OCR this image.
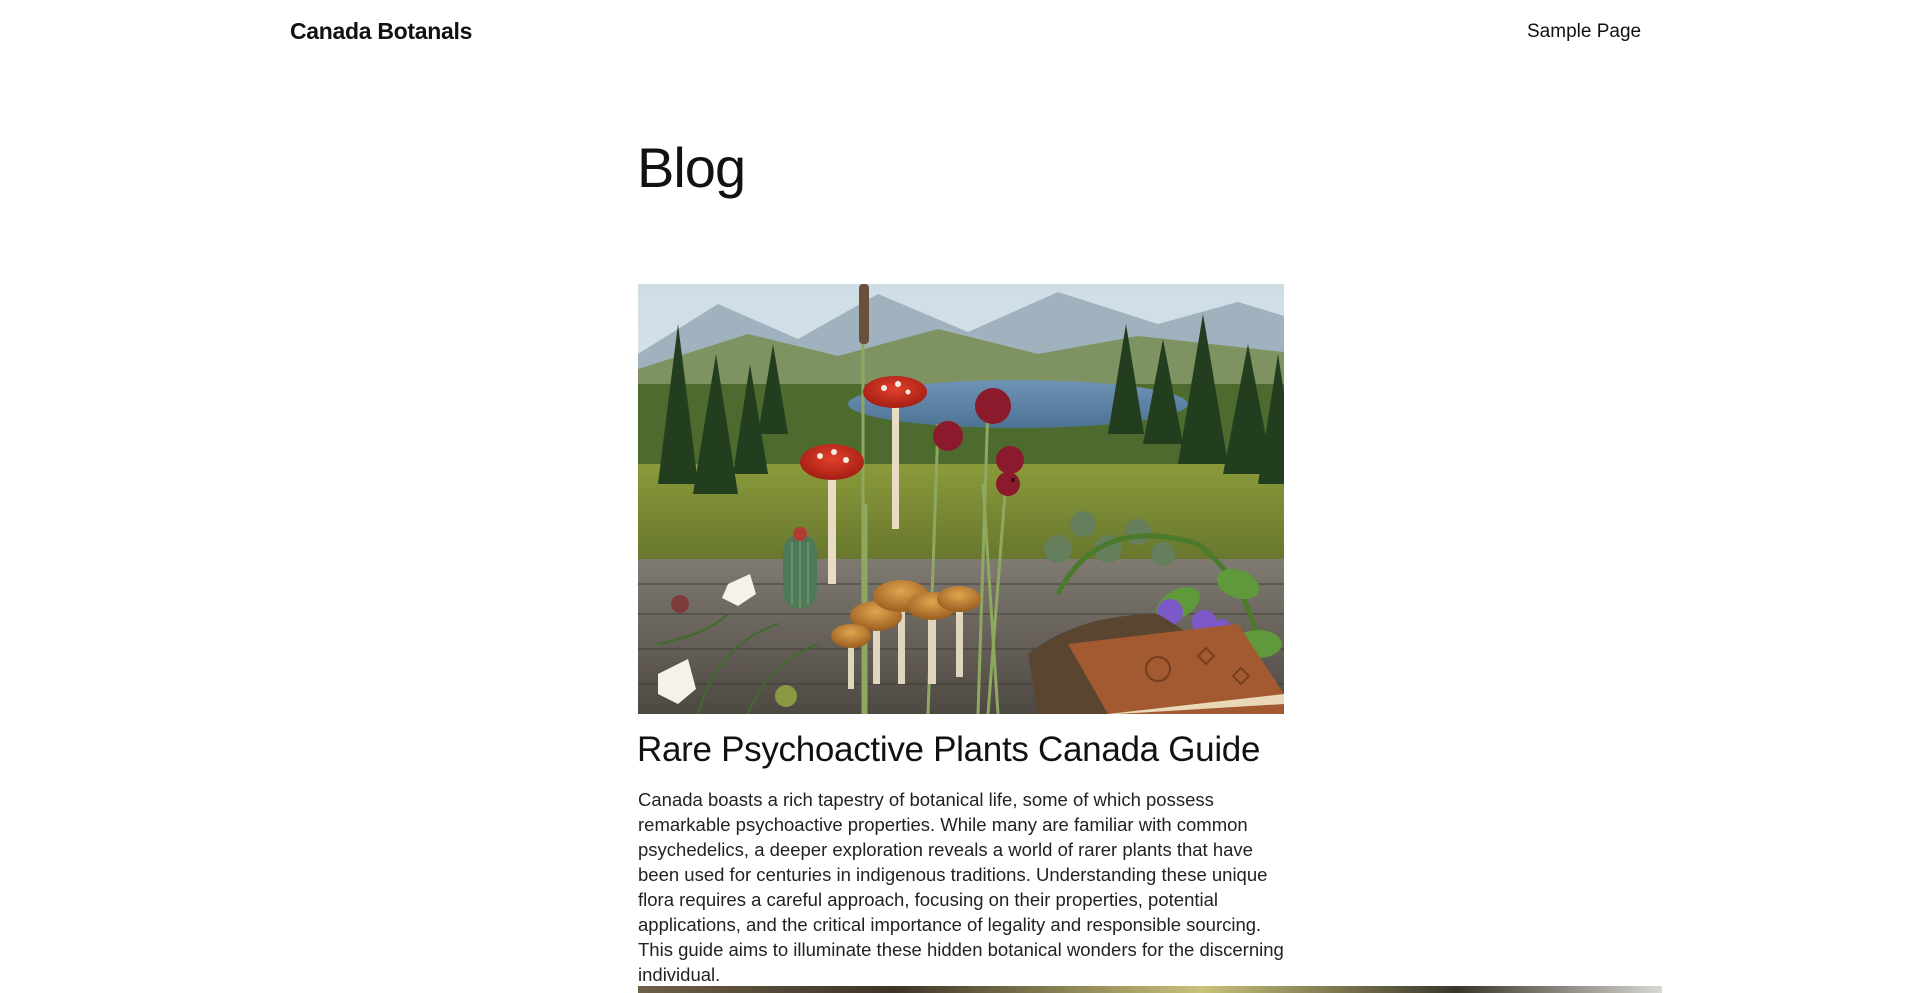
Canada Botanals	Sample Page
Blog
Rare Psychoactive Plants Canada Guide

Canada boasts a rich tapestry of botanical life, some of which possess remarkable psychoactive properties. While many are familiar with common psychedelics, a deeper exploration reveals a world of rarer plants that have been used for centuries in indigenous traditions. Understanding these unique flora requires a careful approach, focusing on their properties, potential applications, and the critical importance of legality and responsible sourcing. This guide aims to illuminate these hidden botanical wonders for the discerning individual.
